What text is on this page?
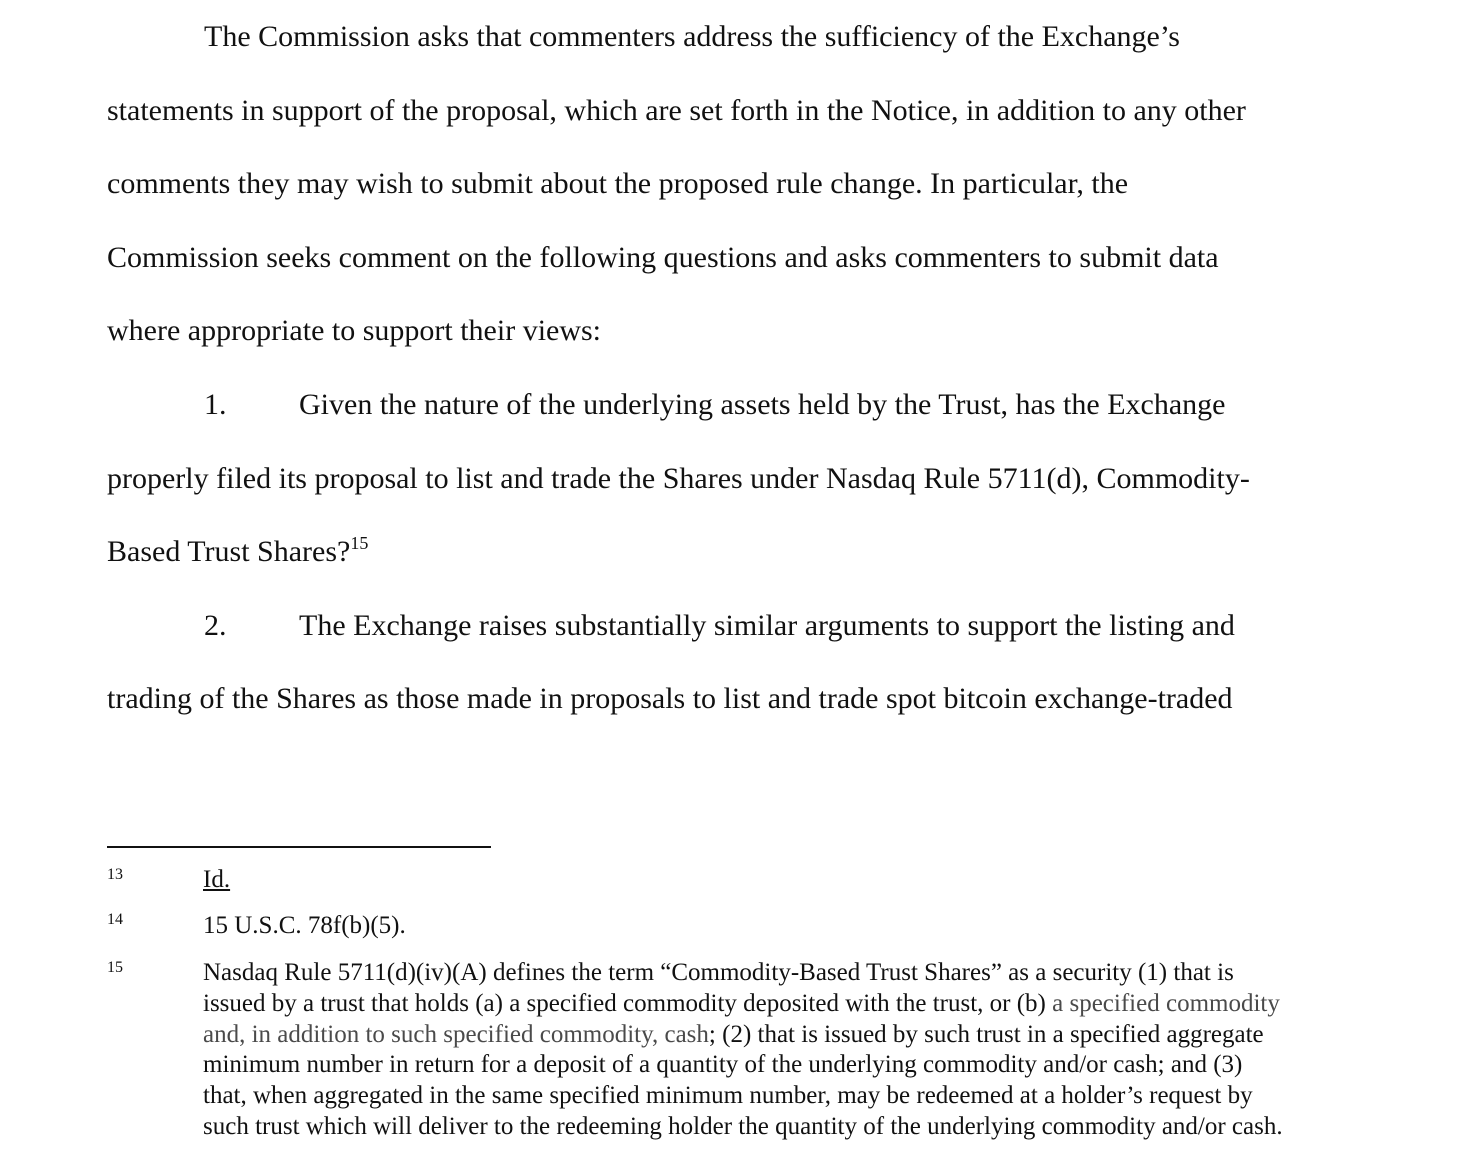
The Commission asks that commenters address the sufficiency of the Exchange’s

statements in support of the proposal, which are set forth in the Notice, in addition to any other

comments they may wish to submit about the proposed rule change. In particular, the

Commission seeks comment on the following questions and asks commenters to submit data

where appropriate to support their views:

1. Given the nature of the underlying assets held by the Trust, has the Exchange

properly filed its proposal to list and trade the Shares under Nasdaq Rule 5711(d), Commodity-

Based Trust Shares?$^{15}$

2. The Exchange raises substantially similar arguments to support the listing and

trading of the Shares as those made in proposals to list and trade spot bitcoin exchange-traded

13	Id.
14	15 U.S.C. 78f(b)(5).
15	Nasdaq Rule 5711(d)(iv)(A) defines the term “Commodity-Based Trust Shares” as a security (1) that is
issued by a trust that holds (a) a specified commodity deposited with the trust, or (b) a specified commodity
and, in addition to such specified commodity, cash; (2) that is issued by such trust in a specified aggregate
minimum number in return for a deposit of a quantity of the underlying commodity and/or cash; and (3)
that, when aggregated in the same specified minimum number, may be redeemed at a holder’s request by
such trust which will deliver to the redeeming holder the quantity of the underlying commodity and/or cash.
